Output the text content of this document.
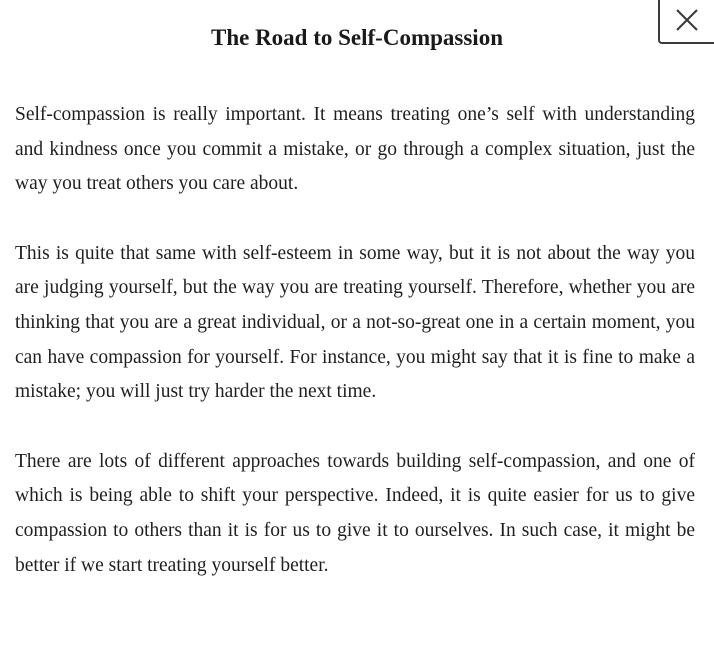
The Road to Self-Compassion

Self-compassion is really important. It means treating one’s self with understanding and kindness once you commit a mistake, or go through a complex situation, just the way you treat others you care about.

This is quite that same with self-esteem in some way, but it is not about the way you are judging yourself, but the way you are treating yourself. Therefore, whether you are thinking that you are a great individual, or a not-so-great one in a certain moment, you can have compassion for yourself. For instance, you might say that it is fine to make a mistake; you will just try harder the next time.

There are lots of different approaches towards building self-compassion, and one of which is being able to shift your perspective. Indeed, it is quite easier for us to give compassion to others than it is for us to give it to ourselves. In such case, it might be better if we start treating yourself better.
